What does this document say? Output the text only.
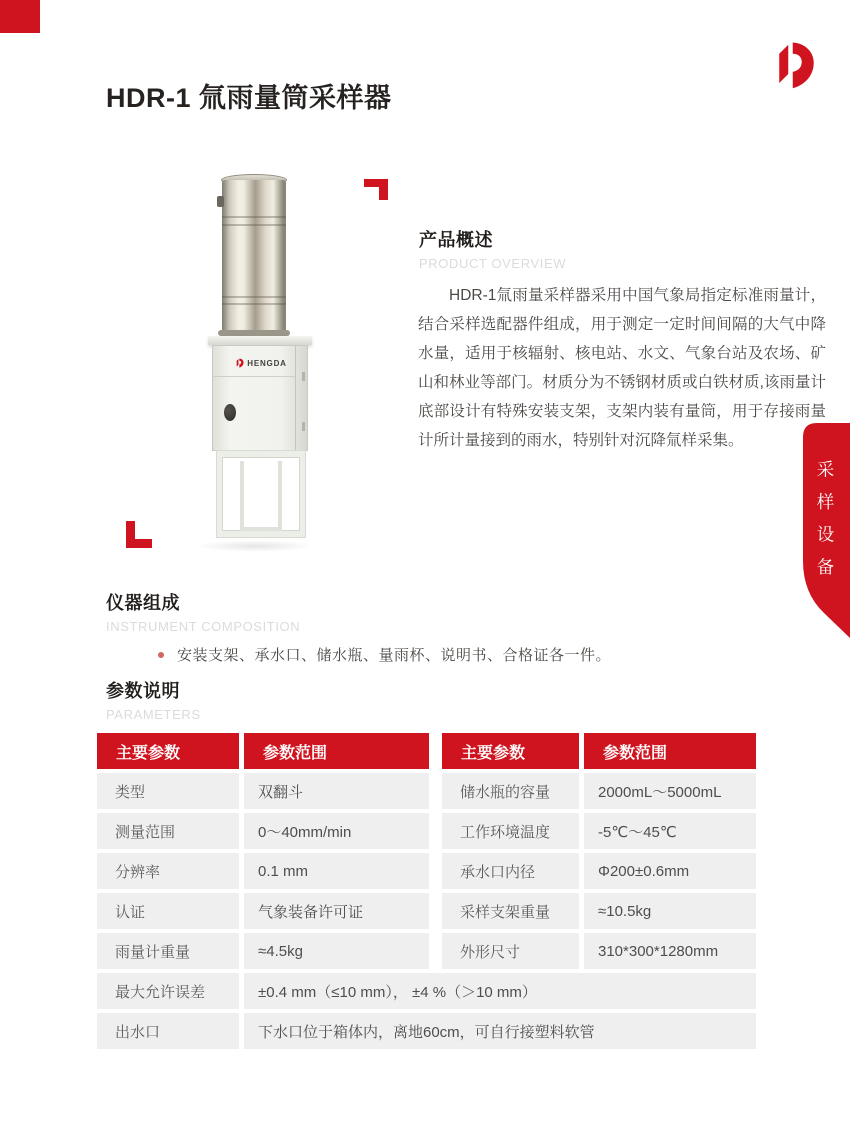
HDR-1 氚雨量筒采样器
HENGDA
产品概述
PRODUCT OVERVIEW
HDR-1氚雨量采样器采用中国气象局指定标准雨量计，结合采样选配器件组成，用于测定一定时间间隔的大气中降水量，适用于核辐射、核电站、水文、气象台站及农场、矿山和林业等部门。材质分为不锈钢材质或白铁材质,该雨量计底部设计有特殊安装支架，支架内装有量筒，用于存接雨量计所计量接到的雨水，特别针对沉降氚样采集。
采样设备
仪器组成
INSTRUMENT COMPOSITION
安装支架、承水口、储水瓶、量雨杯、说明书、合格证各一件。
参数说明
PARAMETERS
主要参数	参数范围	主要参数	参数范围
类型	双翻斗	储水瓶的容量	2000mL～5000mL
测量范围	0～40mm/min	工作环境温度	-5℃～45℃
分辨率	0.1 mm	承水口内径	Φ200±0.6mm
认证	气象装备许可证	采样支架重量	≈10.5kg
雨量计重量	≈4.5kg	外形尺寸	310*300*1280mm
最大允许误差	±0.4 mm（≤10 mm）， ±4 %（＞10 mm）
出水口	下水口位于箱体内，离地60cm，可自行接塑料软管
